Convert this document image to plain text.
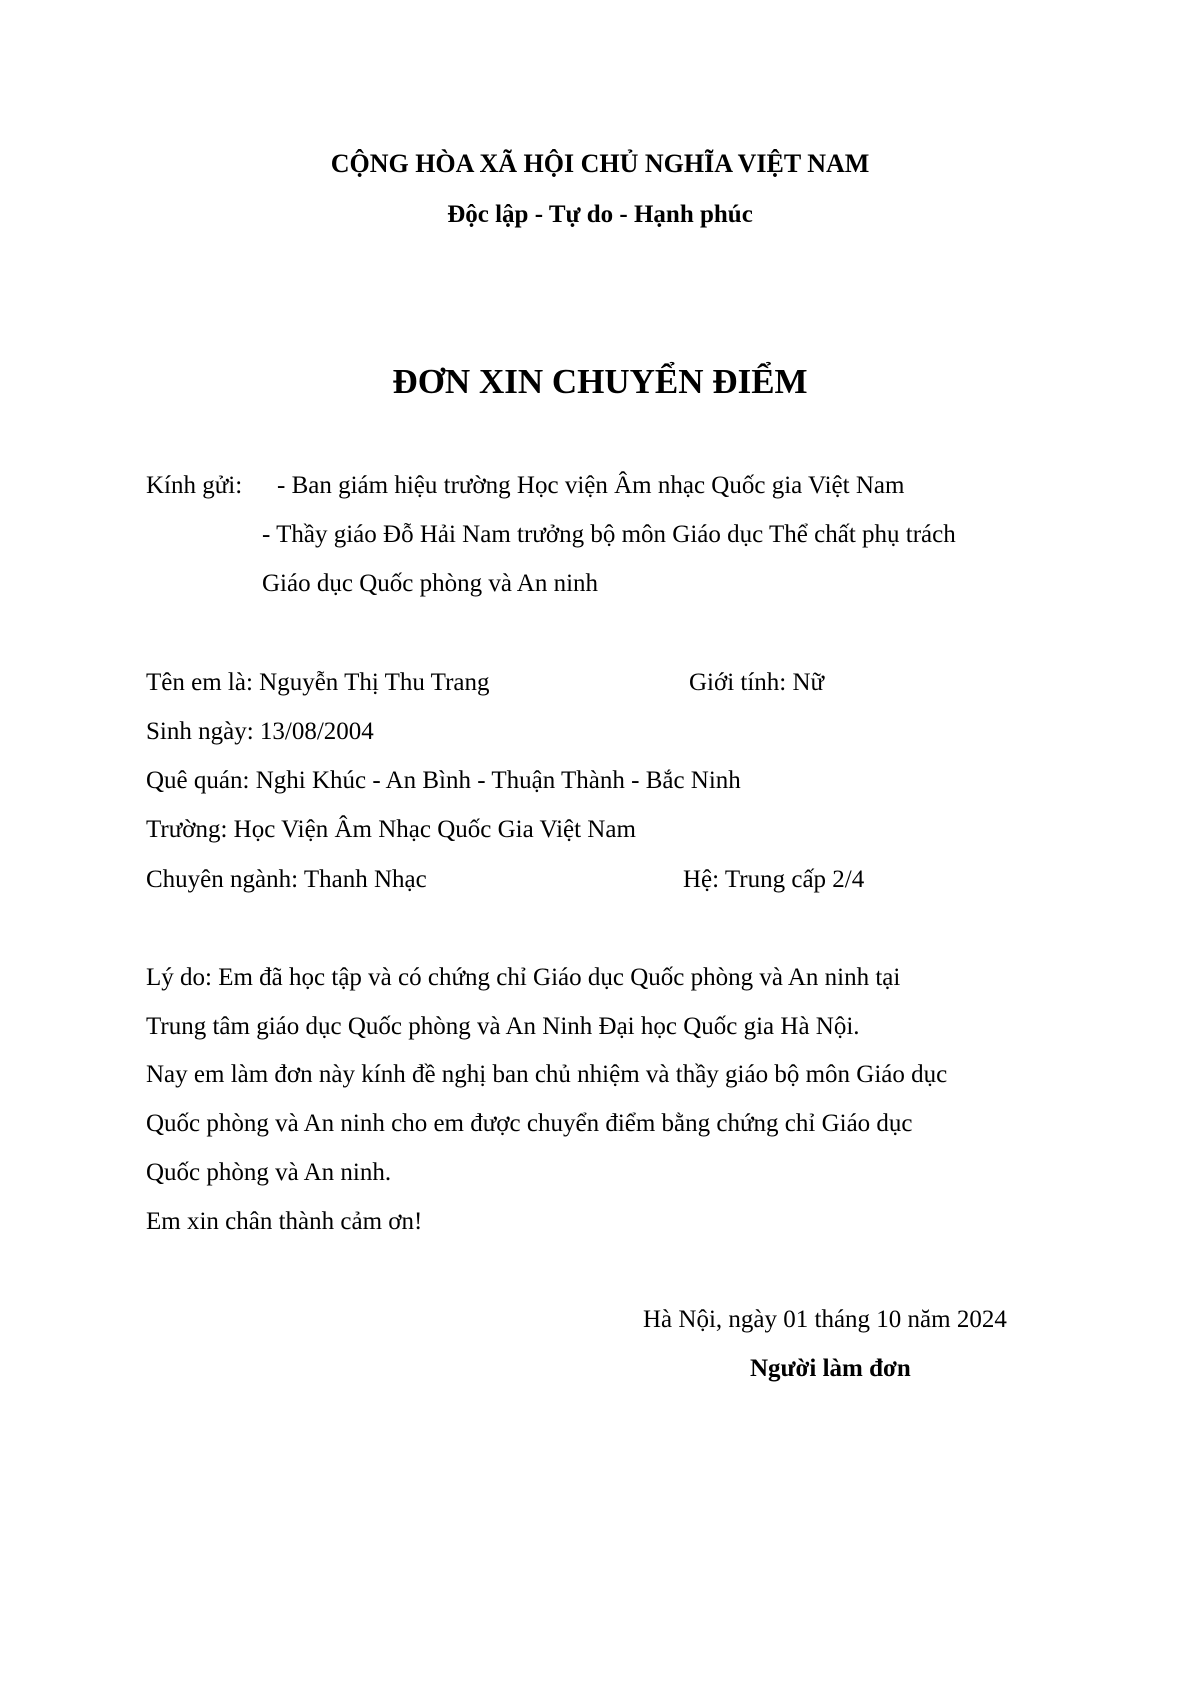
CỘNG HÒA XÃ HỘI CHỦ NGHĨA VIỆT NAM
Độc lập - Tự do - Hạnh phúc
ĐƠN XIN CHUYỂN ĐIỂM
Kính gửi: - Ban giám hiệu trường Học viện Âm nhạc Quốc gia Việt Nam
- Thầy giáo Đỗ Hải Nam trưởng bộ môn Giáo dục Thể chất phụ trách
Giáo dục Quốc phòng và An ninh
Tên em là: Nguyễn Thị Thu Trang	Giới tính: Nữ
Sinh ngày: 13/08/2004
Quê quán: Nghi Khúc - An Bình - Thuận Thành - Bắc Ninh
Trường: Học Viện Âm Nhạc Quốc Gia Việt Nam
Chuyên ngành: Thanh Nhạc	Hệ: Trung cấp 2/4
Lý do: Em đã học tập và có chứng chỉ Giáo dục Quốc phòng và An ninh tại
Trung tâm giáo dục Quốc phòng và An Ninh Đại học Quốc gia Hà Nội.
Nay em làm đơn này kính đề nghị ban chủ nhiệm và thầy giáo bộ môn Giáo dục
Quốc phòng và An ninh cho em được chuyển điểm bằng chứng chỉ Giáo dục
Quốc phòng và An ninh.
Em xin chân thành cảm ơn!
Hà Nội, ngày 01 tháng 10 năm 2024
Người làm đơn
